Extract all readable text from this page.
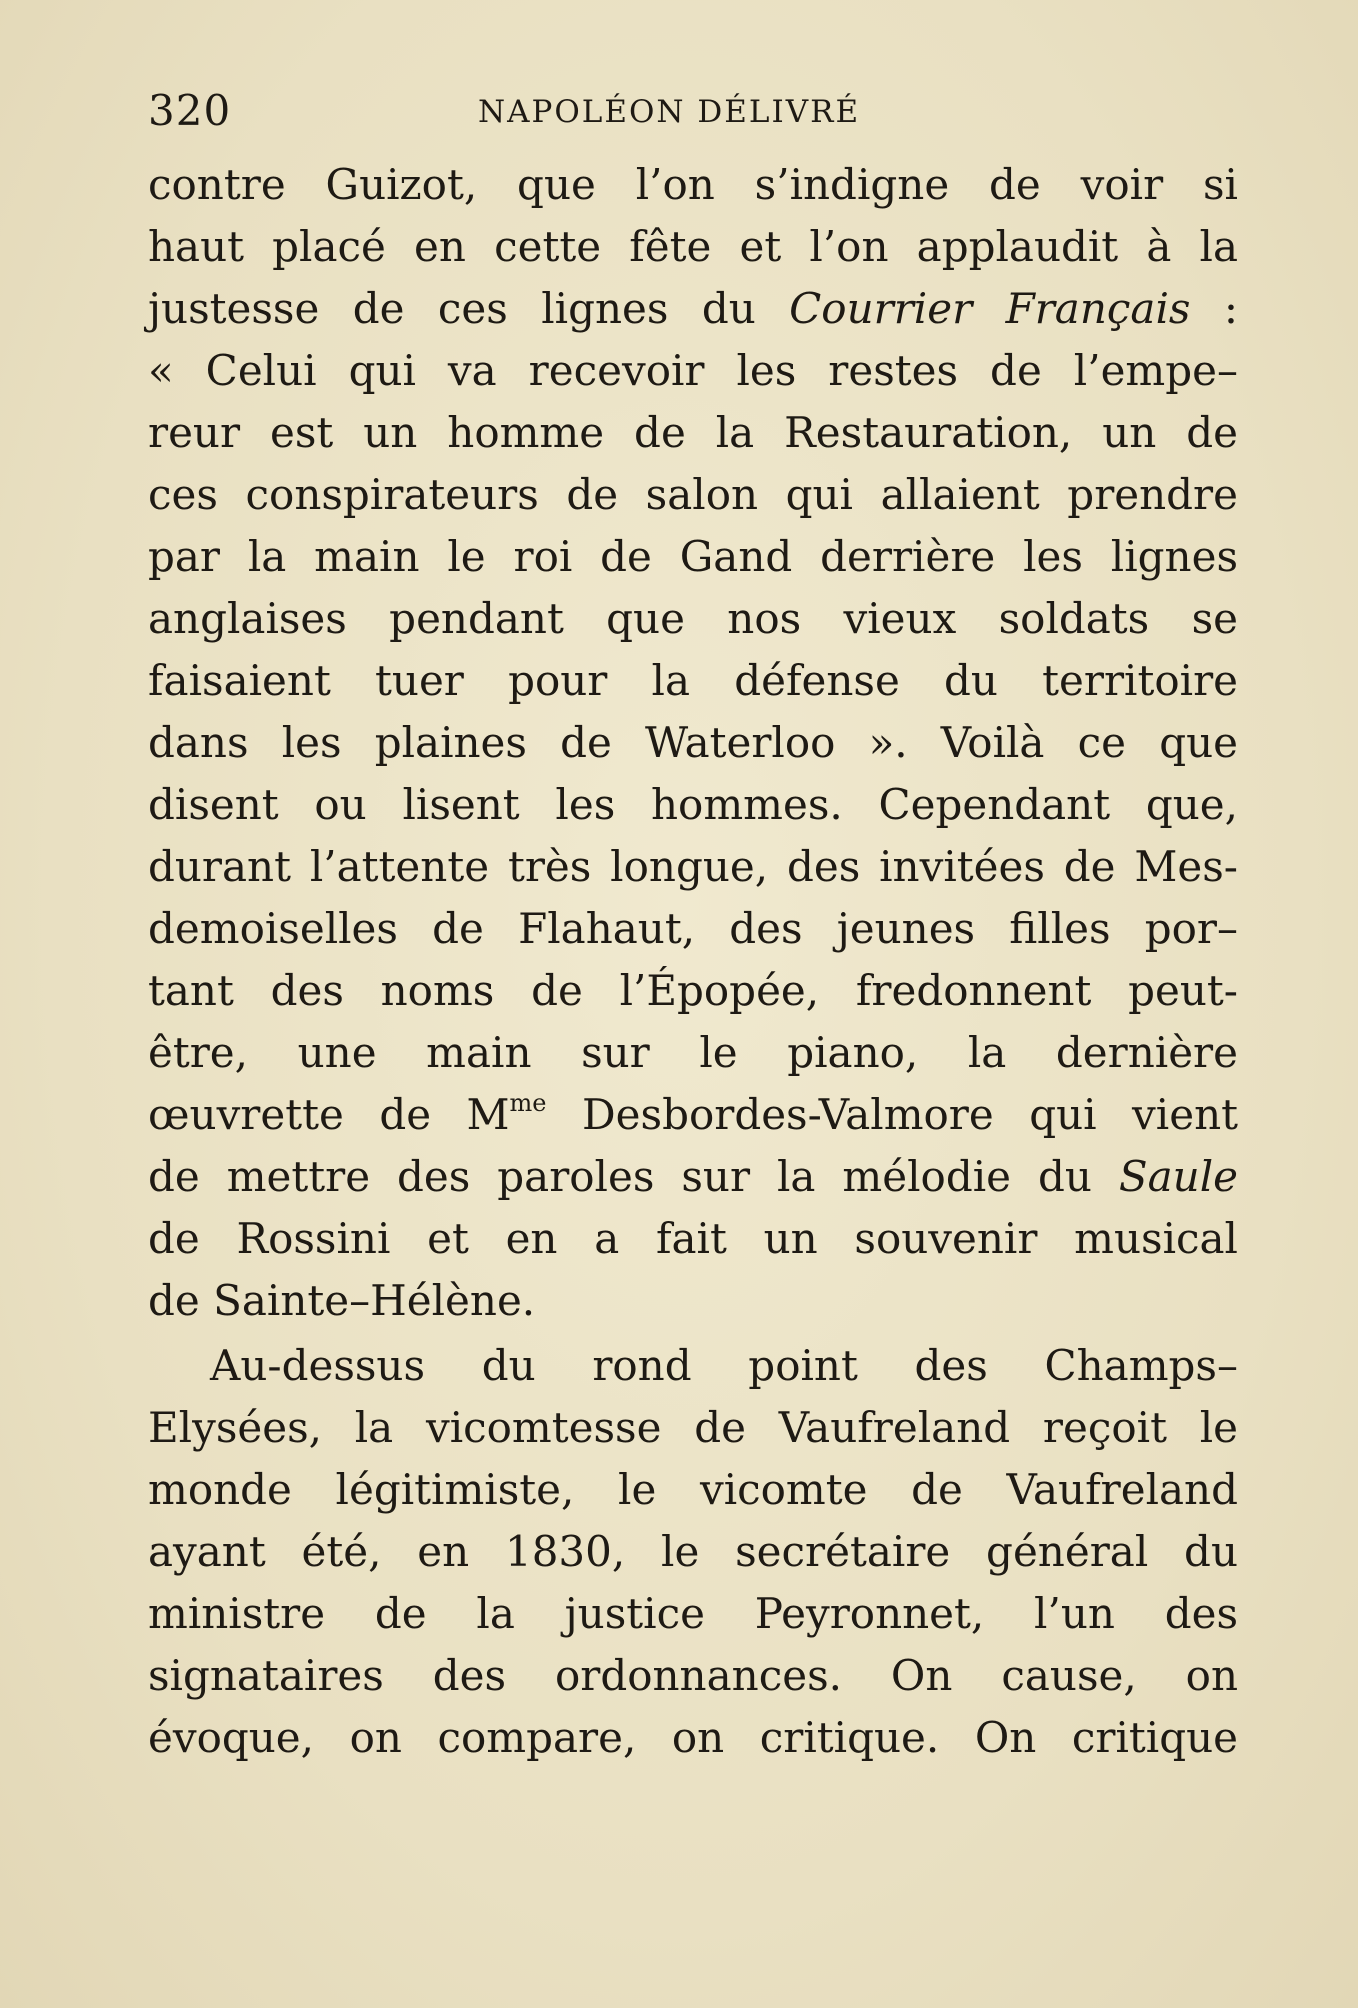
320	NAPOLÉON DÉLIVRÉ
contre Guizot, que l’on s’indigne de voir si
haut placé en cette fête et l’on applaudit à la
justesse de ces lignes du Courrier Français :
« Celui qui va recevoir les restes de l’empe–
reur est un homme de la Restauration, un de
ces conspirateurs de salon qui allaient prendre
par la main le roi de Gand derrière les lignes
anglaises pendant que nos vieux soldats se
faisaient tuer pour la défense du territoire
dans les plaines de Waterloo ». Voilà ce que
disent ou lisent les hommes. Cependant que,
durant l’attente très longue, des invitées de Mes-
demoiselles de Flahaut, des jeunes filles por–
tant des noms de l’Épopée, fredonnent peut-
être, une main sur le piano, la dernière
œuvrette de $M^{me}$ Desbordes-Valmore qui vient
de mettre des paroles sur la mélodie du Saule
de Rossini et en a fait un souvenir musical
de Sainte–Hélène.
Au-dessus du rond point des Champs–
Elysées, la vicomtesse de Vaufreland reçoit le
monde légitimiste, le vicomte de Vaufreland
ayant été, en 1830, le secrétaire général du
ministre de la justice Peyronnet, l’un des
signataires des ordonnances. On cause, on
évoque, on compare, on critique. On critique
